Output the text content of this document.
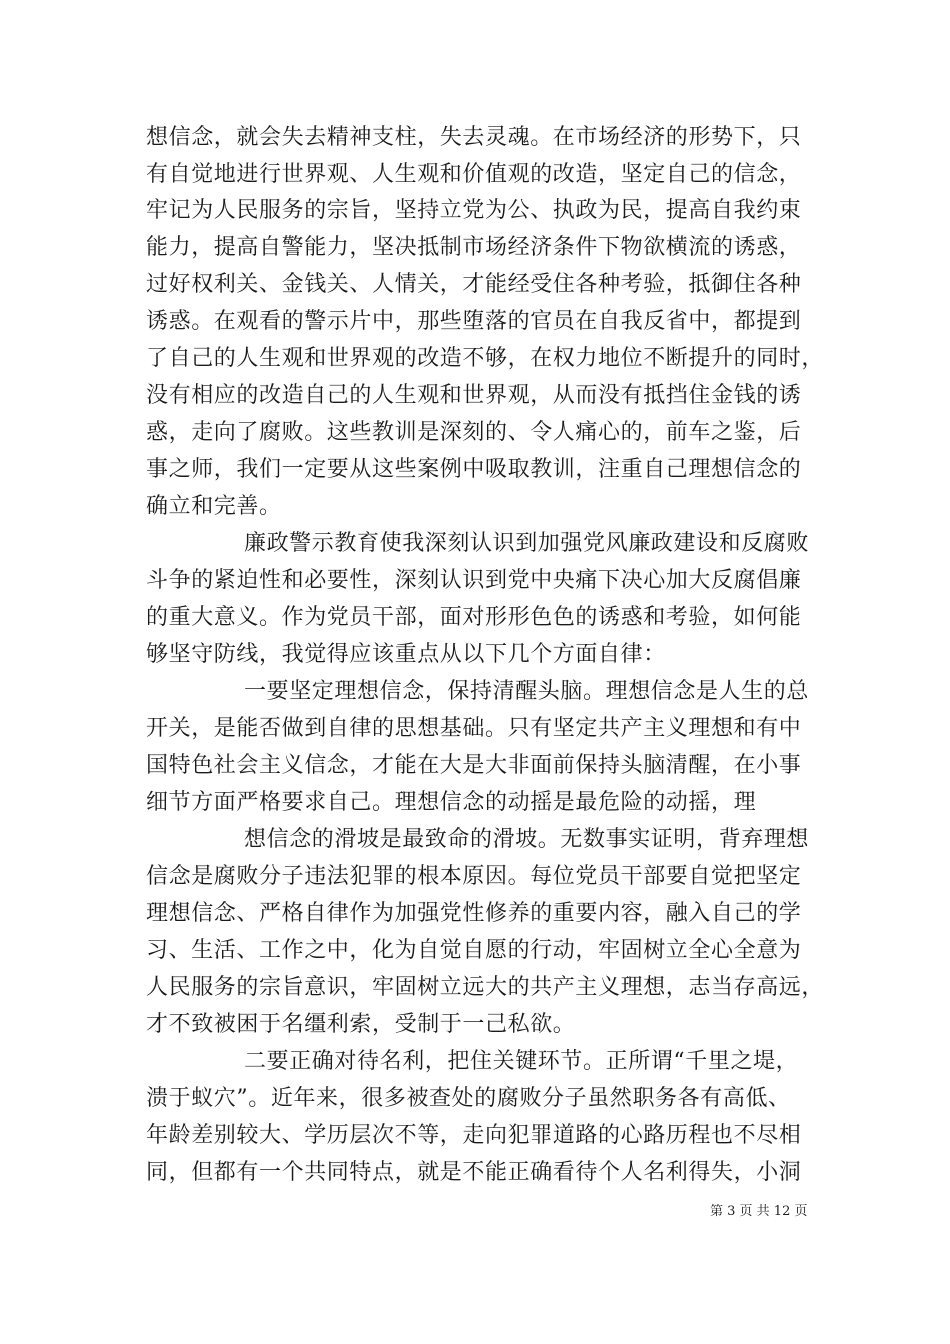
想信念，就会失去精神支柱，失去灵魂。在市场经济的形势下，只
有自觉地进行世界观、人生观和价值观的改造，坚定自己的信念，
牢记为人民服务的宗旨，坚持立党为公、执政为民，提高自我约束
能力，提高自警能力，坚决抵制市场经济条件下物欲横流的诱惑，
过好权利关、金钱关、人情关，才能经受住各种考验，抵御住各种
诱惑。在观看的警示片中，那些堕落的官员在自我反省中，都提到
了自己的人生观和世界观的改造不够，在权力地位不断提升的同时，
没有相应的改造自己的人生观和世界观，从而没有抵挡住金钱的诱
惑，走向了腐败。这些教训是深刻的、令人痛心的，前车之鉴，后
事之师，我们一定要从这些案例中吸取教训，注重自己理想信念的
确立和完善。
廉政警示教育使我深刻认识到加强党风廉政建设和反腐败
斗争的紧迫性和必要性，深刻认识到党中央痛下决心加大反腐倡廉
的重大意义。作为党员干部，面对形形色色的诱惑和考验，如何能
够坚守防线，我觉得应该重点从以下几个方面自律：
一要坚定理想信念，保持清醒头脑。理想信念是人生的总
开关，是能否做到自律的思想基础。只有坚定共产主义理想和有中
国特色社会主义信念，才能在大是大非面前保持头脑清醒，在小事
细节方面严格要求自己。理想信念的动摇是最危险的动摇，理
想信念的滑坡是最致命的滑坡。无数事实证明，背弃理想
信念是腐败分子违法犯罪的根本原因。每位党员干部要自觉把坚定
理想信念、严格自律作为加强党性修养的重要内容，融入自己的学
习、生活、工作之中，化为自觉自愿的行动，牢固树立全心全意为
人民服务的宗旨意识，牢固树立远大的共产主义理想，志当存高远，
才不致被困于名缰利索，受制于一己私欲。
二要正确对待名利，把住关键环节。正所谓“千里之堤，
溃于蚁穴”。近年来，很多被查处的腐败分子虽然职务各有高低、
年龄差别较大、学历层次不等，走向犯罪道路的心路历程也不尽相
同，但都有一个共同特点，就是不能正确看待个人名利得失，小洞
第 3 页 共 12 页
